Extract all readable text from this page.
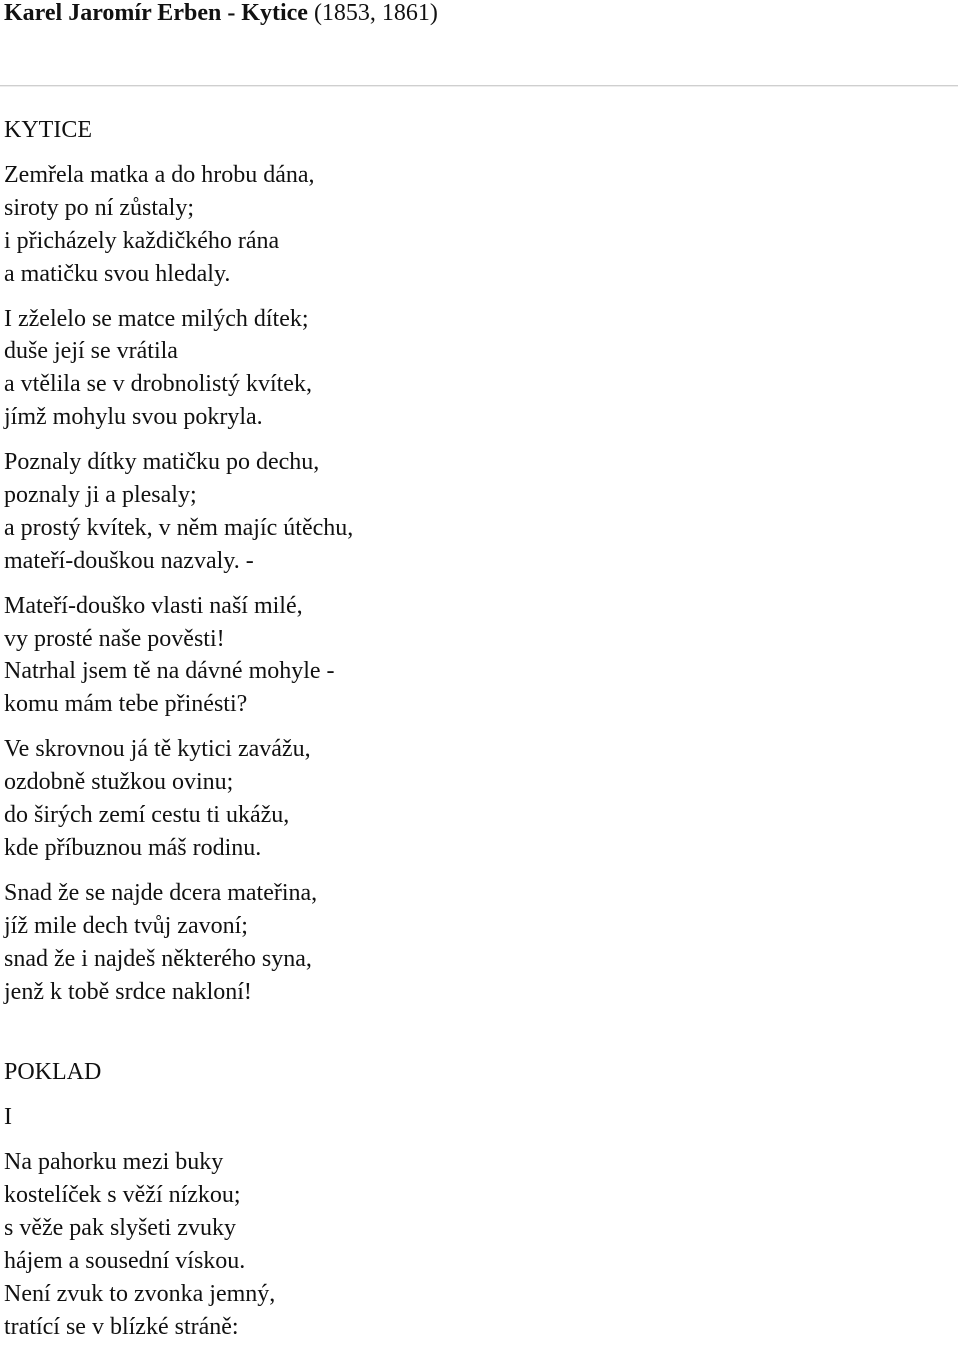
Karel Jaromír Erben - Kytice (1853, 1861)
KYTICE
Zemřela matka a do hrobu dána,
siroty po ní zůstaly;
i přicházely každičkého rána
a matičku svou hledaly.
I zželelo se matce milých dítek;
duše její se vrátila
a vtělila se v drobnolistý kvítek,
jímž mohylu svou pokryla.
Poznaly dítky matičku po dechu,
poznaly ji a plesaly;
a prostý kvítek, v něm majíc útěchu,
mateří-douškou nazvaly. -
Mateří-douško vlasti naší milé,
vy prosté naše pověsti!
Natrhal jsem tě na dávné mohyle -
komu mám tebe přinésti?
Ve skrovnou já tě kytici zavážu,
ozdobně stužkou ovinu;
do širých zemí cestu ti ukážu,
kde příbuznou máš rodinu.
Snad že se najde dcera mateřina,
jíž mile dech tvůj zavoní;
snad že i najdeš některého syna,
jenž k tobě srdce nakloní!
POKLAD
I
Na pahorku mezi buky
kostelíček s věží nízkou;
s věže pak slyšeti zvuky
hájem a sousední vískou.
Není zvuk to zvonka jemný,
tratící se v blízké stráně:
